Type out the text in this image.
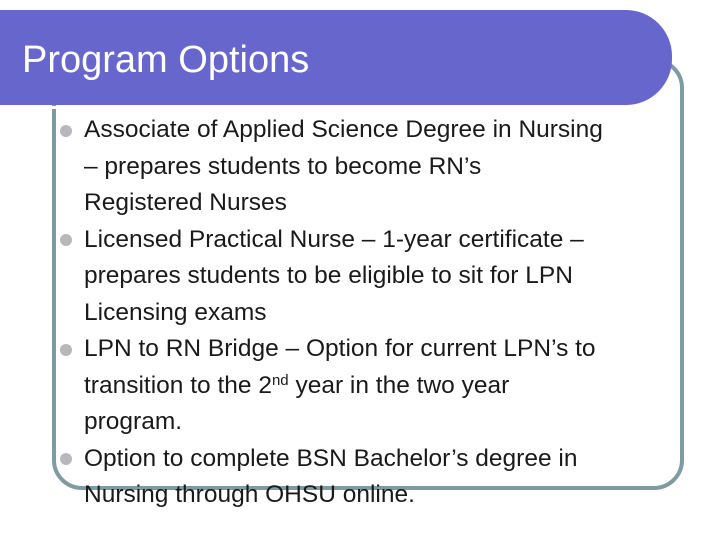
Program Options
Associate of Applied Science Degree in Nursing
– prepares students to become RN’s
Registered Nurses
Licensed Practical Nurse – 1-year certificate –
prepares students to be eligible to sit for LPN
Licensing exams
LPN to RN Bridge – Option for current LPN’s to
transition to the 2nd year in the two year
program.
Option to complete BSN Bachelor’s degree in
Nursing through OHSU online.
